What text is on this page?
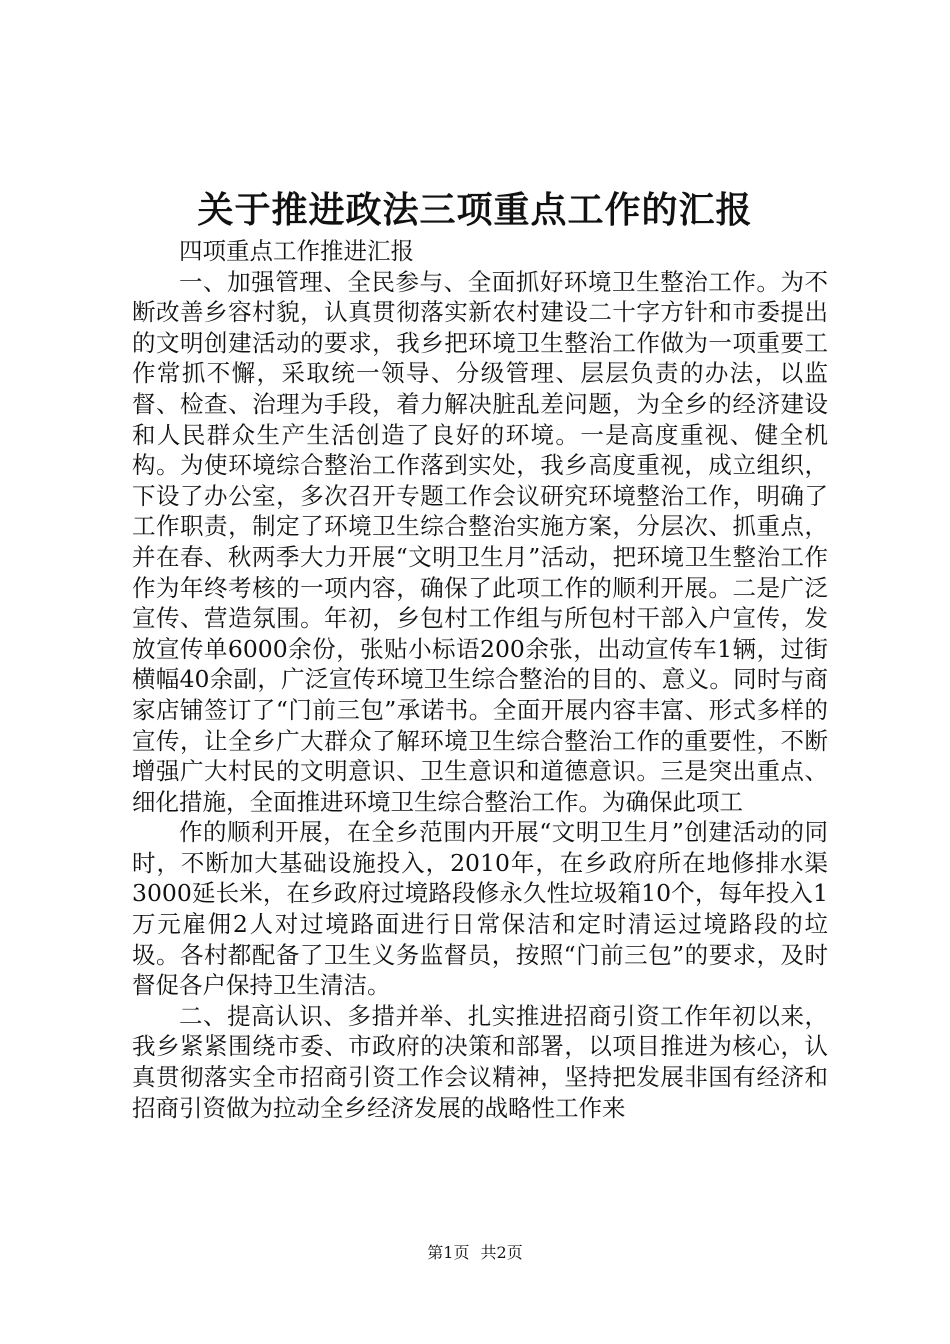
关于推进政法三项重点工作的汇报

四项重点工作推进汇报

一、加强管理、全民参与、全面抓好环境卫生整治工作。为不断改善乡容村貌，认真贯彻落实新农村建设二十字方针和市委提出的文明创建活动的要求，我乡把环境卫生整治工作做为一项重要工作常抓不懈，采取统一领导、分级管理、层层负责的办法，以监督、检查、治理为手段，着力解决脏乱差问题，为全乡的经济建设和人民群众生产生活创造了良好的环境。一是高度重视、健全机构。为使环境综合整治工作落到实处，我乡高度重视，成立组织，下设了办公室，多次召开专题工作会议研究环境整治工作，明确了工作职责，制定了环境卫生综合整治实施方案，分层次、抓重点，并在春、秋两季大力开展“文明卫生月”活动，把环境卫生整治工作作为年终考核的一项内容，确保了此项工作的顺利开展。二是广泛宣传、营造氛围。年初，乡包村工作组与所包村干部入户宣传，发放宣传单6000余份，张贴小标语200余张，出动宣传车1辆，过街横幅40余副，广泛宣传环境卫生综合整治的目的、意义。同时与商家店铺签订了“门前三包”承诺书。全面开展内容丰富、形式多样的宣传，让全乡广大群众了解环境卫生综合整治工作的重要性，不断增强广大村民的文明意识、卫生意识和道德意识。三是突出重点、细化措施，全面推进环境卫生综合整治工作。为确保此项工

作的顺利开展，在全乡范围内开展“文明卫生月”创建活动的同时，不断加大基础设施投入，2010年，在乡政府所在地修排水渠3000延长米，在乡政府过境路段修永久性垃圾箱10个，每年投入1万元雇佣2人对过境路面进行日常保洁和定时清运过境路段的垃圾。各村都配备了卫生义务监督员，按照“门前三包”的要求，及时督促各户保持卫生清洁。

二、提高认识、多措并举、扎实推进招商引资工作年初以来，我乡紧紧围绕市委、市政府的决策和部署，以项目推进为核心，认真贯彻落实全市招商引资工作会议精神，坚持把发展非国有经济和招商引资做为拉动全乡经济发展的战略性工作来

第1页 共2页
